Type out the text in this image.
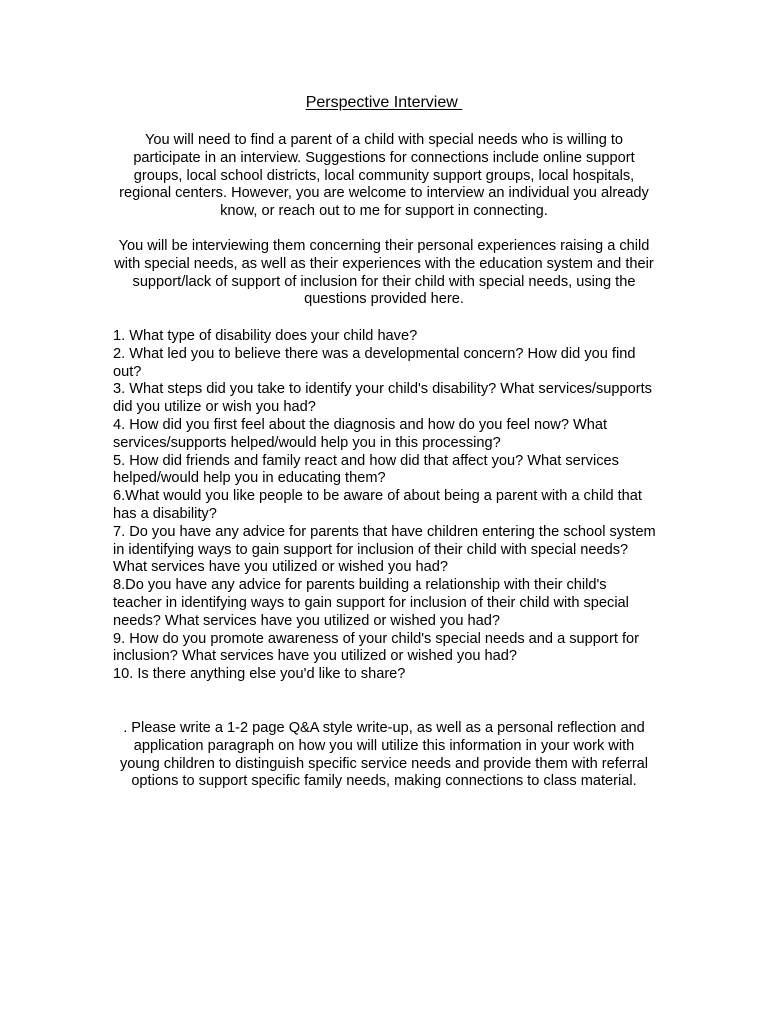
Perspective Interview

You will need to find a parent of a child with special needs who is willing to participate in an interview. Suggestions for connections include online support groups, local school districts, local community support groups, local hospitals, regional centers. However, you are welcome to interview an individual you already know, or reach out to me for support in connecting.

You will be interviewing them concerning their personal experiences raising a child with special needs, as well as their experiences with the education system and their support/lack of support of inclusion for their child with special needs, using the questions provided here.

1. What type of disability does your child have?
2. What led you to believe there was a developmental concern? How did you find out?
3. What steps did you take to identify your child's disability? What services/supports did you utilize or wish you had?
4. How did you first feel about the diagnosis and how do you feel now? What services/supports helped/would help you in this processing?
5. How did friends and family react and how did that affect you? What services helped/would help you in educating them?
6.What would you like people to be aware of about being a parent with a child that has a disability?
7. Do you have any advice for parents that have children entering the school system in identifying ways to gain support for inclusion of their child with special needs? What services have you utilized or wished you had?
8.Do you have any advice for parents building a relationship with their child's teacher in identifying ways to gain support for inclusion of their child with special needs? What services have you utilized or wished you had?
9. How do you promote awareness of your child's special needs and a support for inclusion? What services have you utilized or wished you had?
10. Is there anything else you'd like to share?

. Please write a 1-2 page Q&A style write-up, as well as a personal reflection and application paragraph on how you will utilize this information in your work with young children to distinguish specific service needs and provide them with referral options to support specific family needs, making connections to class material.
